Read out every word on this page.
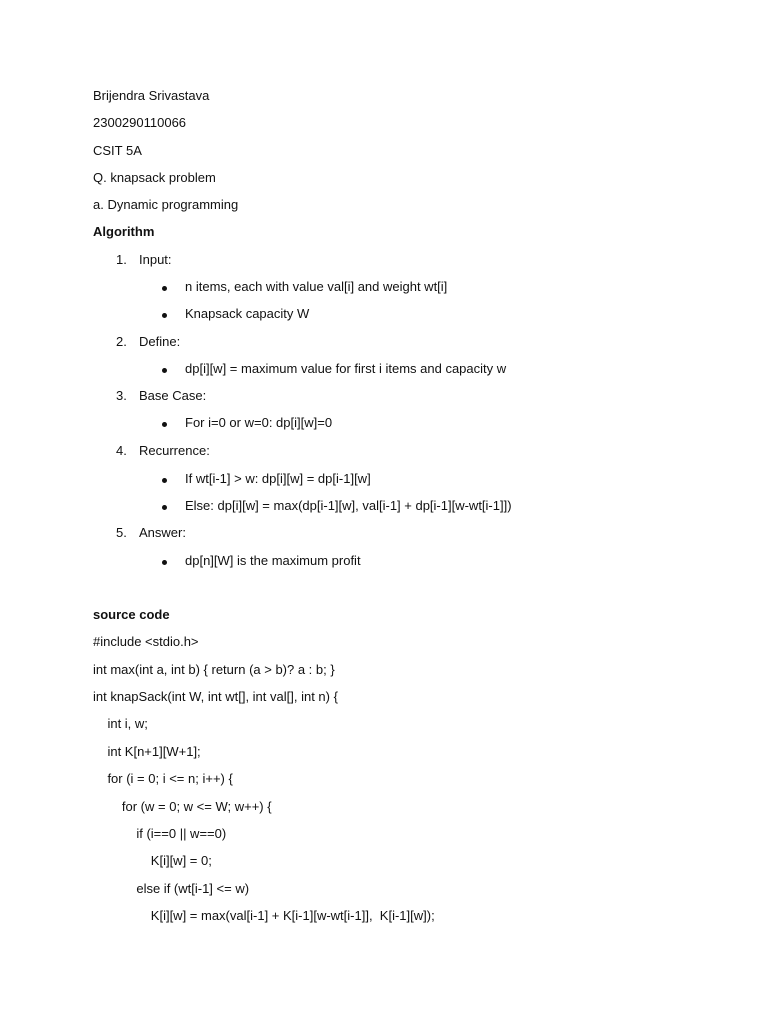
Brijendra Srivastava
2300290110066
CSIT 5A
Q. knapsack problem
a. Dynamic programming
Algorithm
1. Input:
n items, each with value val[i] and weight wt[i]
Knapsack capacity W
2. Define:
dp[i][w] = maximum value for first i items and capacity w
3. Base Case:
For i=0 or w=0: dp[i][w]=0
4. Recurrence:
If wt[i-1] > w: dp[i][w] = dp[i-1][w]
Else: dp[i][w] = max(dp[i-1][w], val[i-1] + dp[i-1][w-wt[i-1]])
5. Answer:
dp[n][W] is the maximum profit
source code
#include <stdio.h>
int max(int a, int b) { return (a > b)? a : b; }
int knapSack(int W, int wt[], int val[], int n) {
int i, w;
int K[n+1][W+1];
for (i = 0; i <= n; i++) {
for (w = 0; w <= W; w++) {
if (i==0 || w==0)
K[i][w] = 0;
else if (wt[i-1] <= w)
K[i][w] = max(val[i-1] + K[i-1][w-wt[i-1]],  K[i-1][w]);
